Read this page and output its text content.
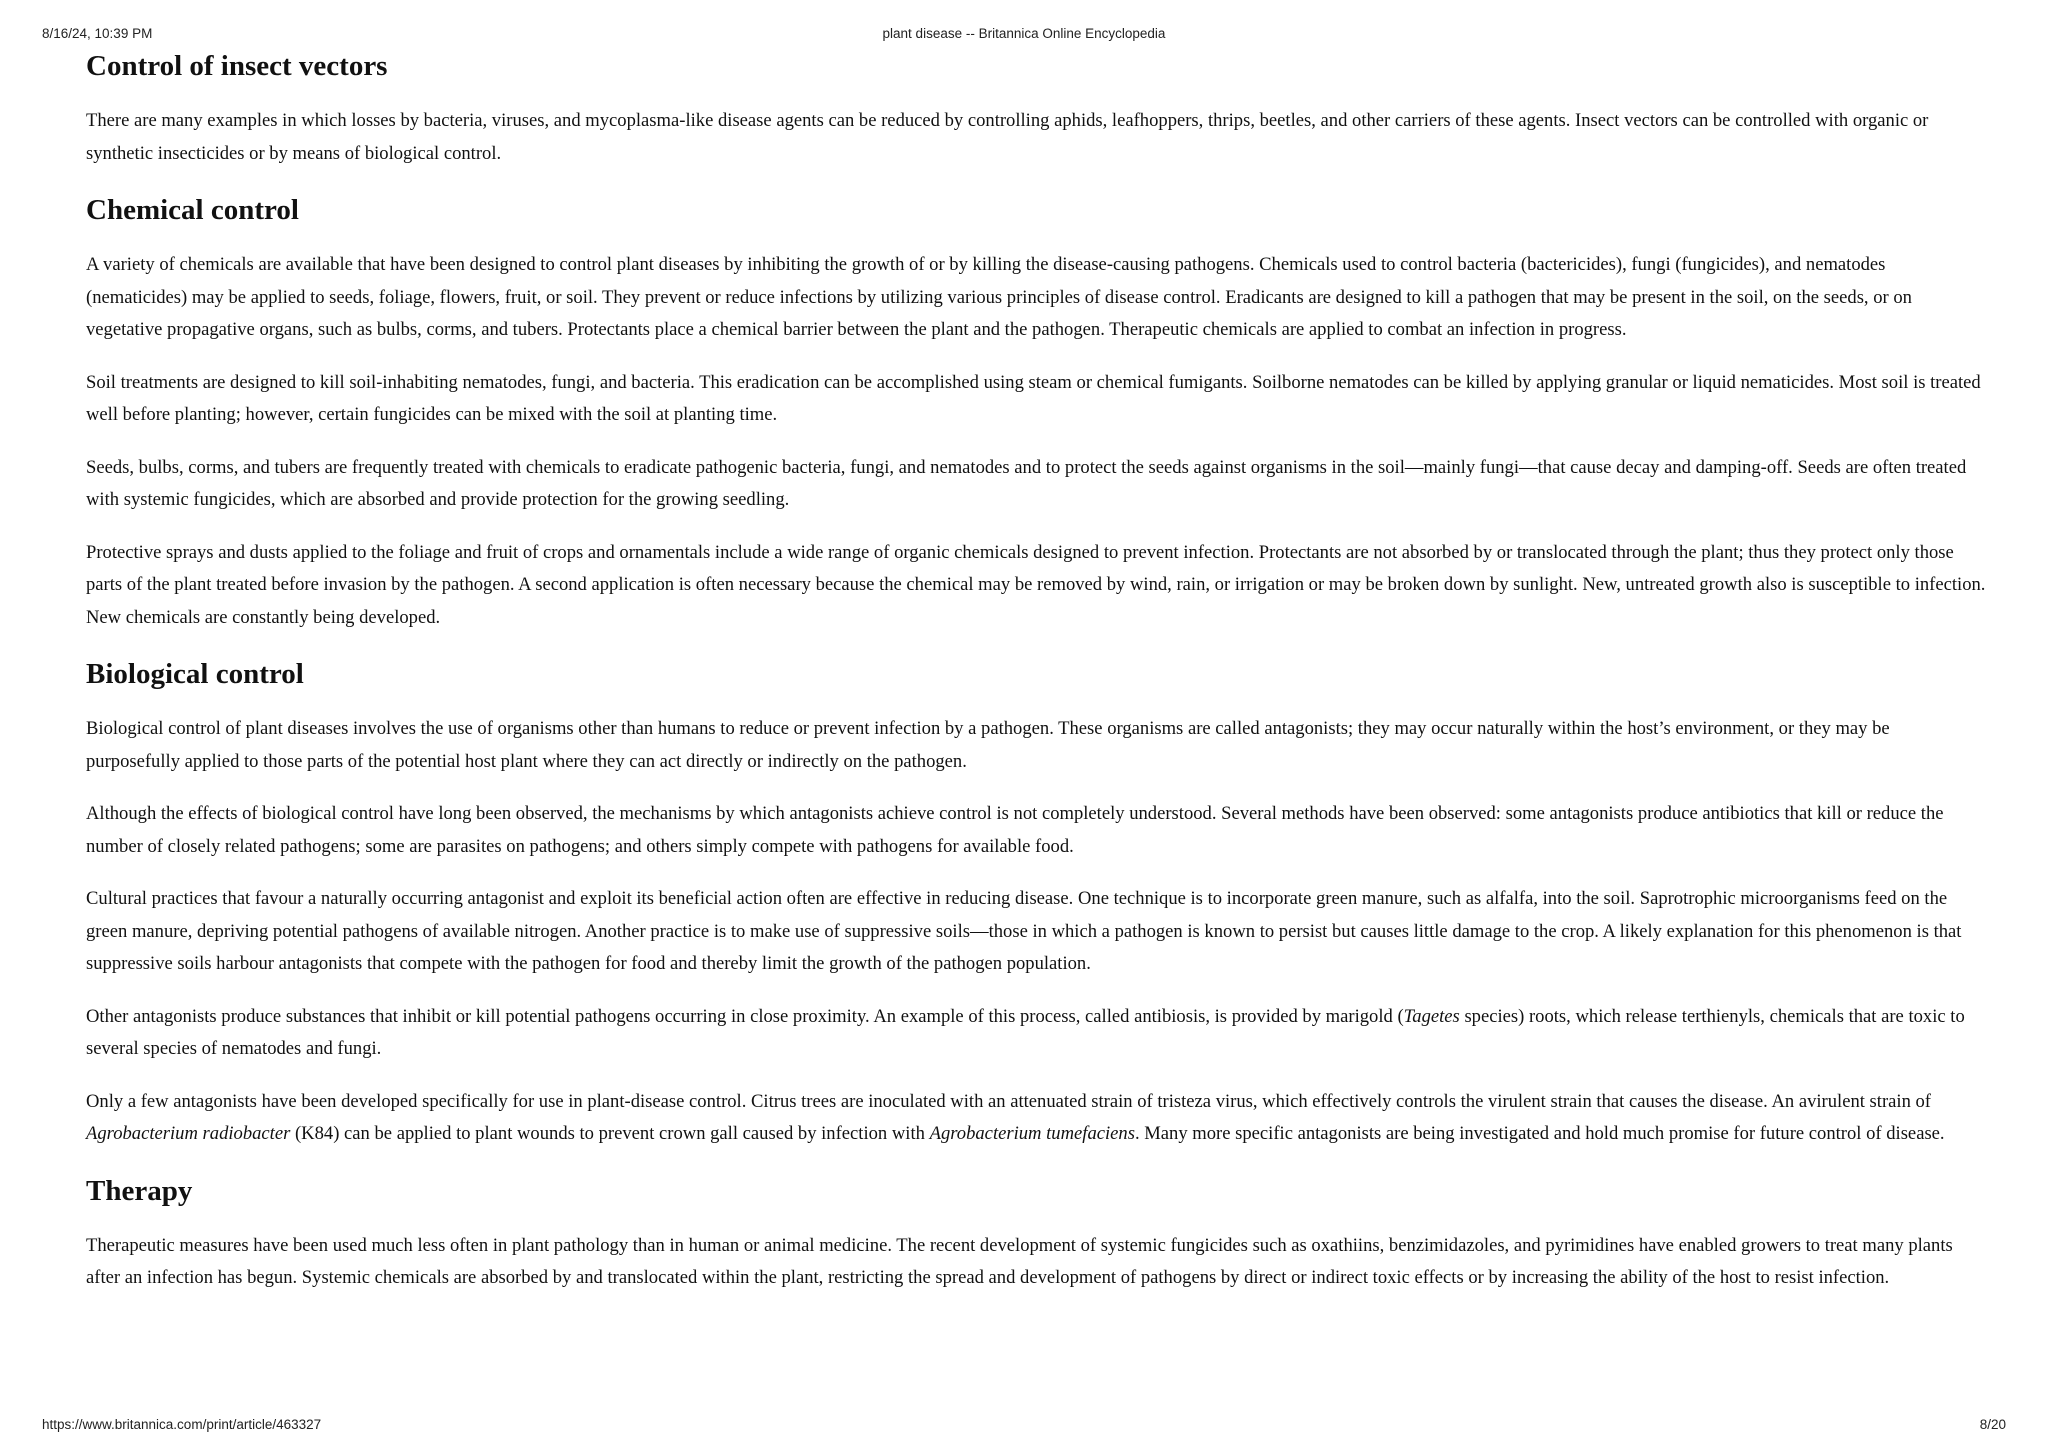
8/16/24, 10:39 PM	plant disease -- Britannica Online Encyclopedia
Control of insect vectors

There are many examples in which losses by bacteria, viruses, and mycoplasma-like disease agents can be reduced by controlling aphids, leafhoppers, thrips, beetles, and other carriers of these agents. Insect vectors can be controlled with organic or synthetic insecticides or by means of biological control.

Chemical control

A variety of chemicals are available that have been designed to control plant diseases by inhibiting the growth of or by killing the disease-causing pathogens. Chemicals used to control bacteria (bactericides), fungi (fungicides), and nematodes (nematicides) may be applied to seeds, foliage, flowers, fruit, or soil. They prevent or reduce infections by utilizing various principles of disease control. Eradicants are designed to kill a pathogen that may be present in the soil, on the seeds, or on vegetative propagative organs, such as bulbs, corms, and tubers. Protectants place a chemical barrier between the plant and the pathogen. Therapeutic chemicals are applied to combat an infection in progress.

Soil treatments are designed to kill soil-inhabiting nematodes, fungi, and bacteria. This eradication can be accomplished using steam or chemical fumigants. Soilborne nematodes can be killed by applying granular or liquid nematicides. Most soil is treated well before planting; however, certain fungicides can be mixed with the soil at planting time.

Seeds, bulbs, corms, and tubers are frequently treated with chemicals to eradicate pathogenic bacteria, fungi, and nematodes and to protect the seeds against organisms in the soil—mainly fungi—that cause decay and damping-off. Seeds are often treated with systemic fungicides, which are absorbed and provide protection for the growing seedling.

Protective sprays and dusts applied to the foliage and fruit of crops and ornamentals include a wide range of organic chemicals designed to prevent infection. Protectants are not absorbed by or translocated through the plant; thus they protect only those parts of the plant treated before invasion by the pathogen. A second application is often necessary because the chemical may be removed by wind, rain, or irrigation or may be broken down by sunlight. New, untreated growth also is susceptible to infection. New chemicals are constantly being developed.

Biological control

Biological control of plant diseases involves the use of organisms other than humans to reduce or prevent infection by a pathogen. These organisms are called antagonists; they may occur naturally within the host’s environment, or they may be purposefully applied to those parts of the potential host plant where they can act directly or indirectly on the pathogen.

Although the effects of biological control have long been observed, the mechanisms by which antagonists achieve control is not completely understood. Several methods have been observed: some antagonists produce antibiotics that kill or reduce the number of closely related pathogens; some are parasites on pathogens; and others simply compete with pathogens for available food.

Cultural practices that favour a naturally occurring antagonist and exploit its beneficial action often are effective in reducing disease. One technique is to incorporate green manure, such as alfalfa, into the soil. Saprotrophic microorganisms feed on the green manure, depriving potential pathogens of available nitrogen. Another practice is to make use of suppressive soils—those in which a pathogen is known to persist but causes little damage to the crop. A likely explanation for this phenomenon is that suppressive soils harbour antagonists that compete with the pathogen for food and thereby limit the growth of the pathogen population.

Other antagonists produce substances that inhibit or kill potential pathogens occurring in close proximity. An example of this process, called antibiosis, is provided by marigold (Tagetes species) roots, which release terthienyls, chemicals that are toxic to several species of nematodes and fungi.

Only a few antagonists have been developed specifically for use in plant-disease control. Citrus trees are inoculated with an attenuated strain of tristeza virus, which effectively controls the virulent strain that causes the disease. An avirulent strain of Agrobacterium radiobacter (K84) can be applied to plant wounds to prevent crown gall caused by infection with Agrobacterium tumefaciens. Many more specific antagonists are being investigated and hold much promise for future control of disease.

Therapy

Therapeutic measures have been used much less often in plant pathology than in human or animal medicine. The recent development of systemic fungicides such as oxathiins, benzimidazoles, and pyrimidines have enabled growers to treat many plants after an infection has begun. Systemic chemicals are absorbed by and translocated within the plant, restricting the spread and development of pathogens by direct or indirect toxic effects or by increasing the ability of the host to resist infection.

https://www.britannica.com/print/article/463327	8/20
